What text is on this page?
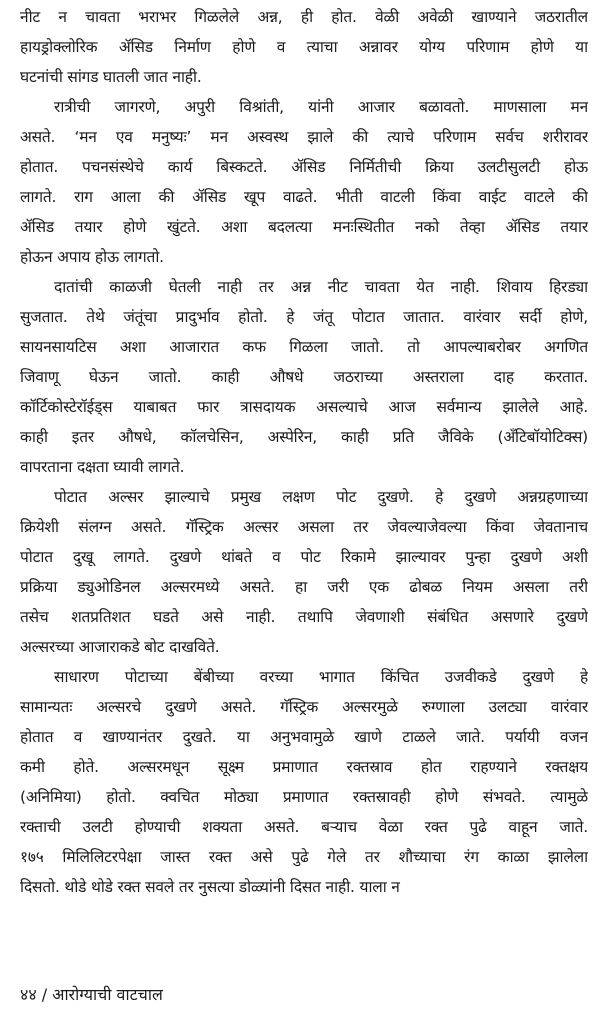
नीट न चावता भराभर गिळलेले अन्न, ही होत. वेळी अवेळी खाण्याने जठरातील
हायड्रोक्लोरिक ॲसिड निर्माण होणे व त्याचा अन्नावर योग्य परिणाम होणे या
घटनांची सांगड घातली जात नाही.
रात्रीची जागरणे, अपुरी विश्रांती, यांनी आजार बळावतो. माणसाला मन
असते. ‘मन एव मनुष्यः’ मन अस्वस्थ झाले की त्याचे परिणाम सर्वच शरीरावर
होतात. पचनसंस्थेचे कार्य बिस्कटते. ॲसिड निर्मितीची क्रिया उलटीसुलटी होऊ
लागते. राग आला की ॲसिड खूप वाढते. भीती वाटली किंवा वाईट वाटले की
ॲसिड तयार होणे खुंटते. अशा बदलत्या मनःस्थितीत नको तेव्हा ॲसिड तयार
होऊन अपाय होऊ लागतो.
दातांची काळजी घेतली नाही तर अन्न नीट चावता येत नाही. शिवाय हिरड्या
सुजतात. तेथे जंतूंचा प्रादुर्भाव होतो. हे जंतू पोटात जातात. वारंवार सर्दी होणे,
सायनसायटिस अशा आजारात कफ गिळला जातो. तो आपल्याबरोबर अगणित
जिवाणू घेऊन जातो. काही औषधे जठराच्या अस्तराला दाह करतात.
कॉर्टिकोस्टेरॉईड्स याबाबत फार त्रासदायक असल्याचे आज सर्वमान्य झालेले आहे.
काही इतर औषधे, कॉलचेसिन, अस्पेरिन, काही प्रति जैविके (ॲंटिबॉयोटिक्स)
वापरताना दक्षता घ्यावी लागते.
पोटात अल्सर झाल्याचे प्रमुख लक्षण पोट दुखणे. हे दुखणे अन्नग्रहणाच्या
क्रियेशी संलग्न असते. गॅस्ट्रिक अल्सर असला तर जेवल्याजेवल्या किंवा जेवतानाच
पोटात दुखू लागते. दुखणे थांबते व पोट रिकामे झाल्यावर पुन्हा दुखणे अशी
प्रक्रिया ड्युओडिनल अल्सरमध्ये असते. हा जरी एक ढोबळ नियम असला तरी
तसेच शतप्रतिशत घडते असे नाही. तथापि जेवणाशी संबंधित असणारे दुखणे
अल्सरच्या आजाराकडे बोट दाखविते.
साधारण पोटाच्या बेंबीच्या वरच्या भागात किंचित उजवीकडे दुखणे हे
सामान्यतः अल्सरचे दुखणे असते. गॅस्ट्रिक अल्सरमुळे रुग्णाला उलट्या वारंवार
होतात व खाण्यानंतर दुखते. या अनुभवामुळे खाणे टाळले जाते. पर्यायी वजन
कमी होते. अल्सरमधून सूक्ष्म प्रमाणात रक्तस्राव होत राहण्याने रक्तक्षय
(अनिमिया) होतो. क्वचित मोठ्या प्रमाणात रक्तस्रावही होणे संभवते. त्यामुळे
रक्ताची उलटी होण्याची शक्यता असते. बऱ्याच वेळा रक्त पुढे वाहून जाते.
१७५ मिलिलिटरपेक्षा जास्त रक्त असे पुढे गेले तर शौच्याचा रंग काळा झालेला
दिसतो. थोडे थोडे रक्त सवले तर नुसत्या डोळ्यांनी दिसत नाही. याला न
४४ / आरोग्याची वाटचाल
